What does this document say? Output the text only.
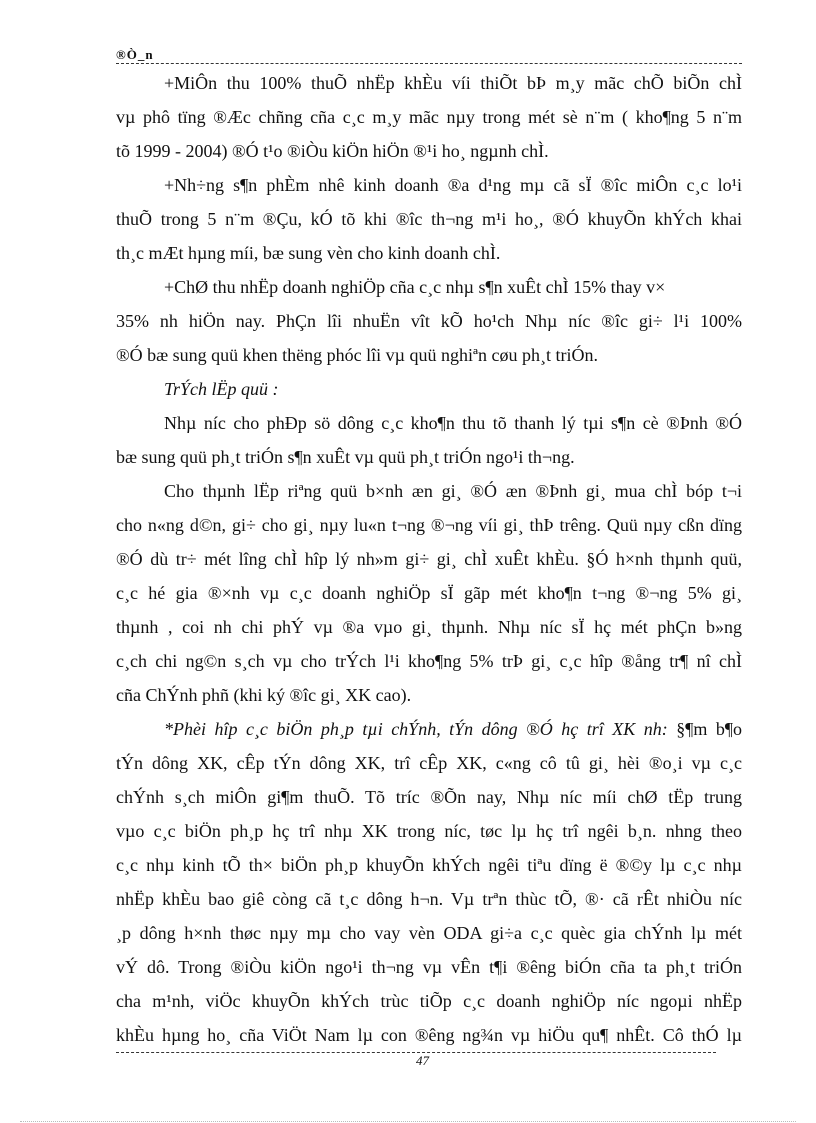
®Ò_n
+MiÔn thu 100% thuÕ nhËp khÈu víi thiÕt bÞ m¸y mãc chÕ biÕn chÌ
vµ phô tïng ®Æc chñng cña c¸c m¸y mãc nµy trong mét sè n¨m ( kho¶ng 5 n¨m
tõ 1999 - 2004) ®Ó t¹o ®iÒu kiÖn hiÖn ®¹i ho¸ ngµnh chÌ.
+Nh÷ng s¶n phÈm nhê kinh doanh ®a d¹ng mµ cã sÏ ®îc miÔn c¸c lo¹i
thuÕ trong 5 n¨m ®Çu, kÓ tõ khi ®îc th¬ng m¹i ho¸, ®Ó khuyÕn khÝch khai
th¸c mÆt hµng míi, bæ sung vèn cho kinh doanh chÌ.
+ChØ thu nhËp doanh nghiÖp cña c¸c nhµ s¶n xuÊt chÌ 15% thay v×
35% nh hiÖn nay. PhÇn lîi nhuËn vît kÕ ho¹ch Nhµ níc ®îc gi÷ l¹i 100%
®Ó bæ sung quü khen thëng phóc lîi vµ quü nghiªn cøu ph¸t triÓn.
TrÝch lËp quü :
Nhµ níc cho phÐp sö dông c¸c kho¶n thu tõ thanh lý tµi s¶n cè ®Þnh ®Ó
bæ sung quü ph¸t triÓn s¶n xuÊt vµ quü ph¸t triÓn ngo¹i th¬ng.
Cho thµnh lËp riªng quü b×nh æn gi¸ ®Ó æn ®Þnh gi¸ mua chÌ bóp t¬i
cho n«ng d©n, gi÷ cho gi¸ nµy lu«n t¬ng ®¬ng víi gi¸ thÞ trêng. Quü nµy cßn dïng
®Ó dù tr÷ mét lîng chÌ hîp lý nh»m gi÷ gi¸ chÌ xuÊt khÈu. §Ó h×nh thµnh quü,
c¸c hé gia ®×nh vµ c¸c doanh nghiÖp sÏ gãp mét kho¶n t¬ng ®¬ng 5% gi¸
thµnh , coi nh chi phÝ vµ ®a vµo gi¸ thµnh. Nhµ níc sÏ hç mét phÇn b»ng
c¸ch chi ng©n s¸ch vµ cho trÝch l¹i kho¶ng 5% trÞ gi¸ c¸c hîp ®ång tr¶ nî chÌ
cña ChÝnh phñ (khi ký ®îc gi¸ XK cao).
*Phèi hîp c¸c biÖn ph¸p tµi chÝnh, tÝn dông ®Ó hç trî XK nh: §¶m b¶o
tÝn dông XK, cÊp tÝn dông XK, trî cÊp XK, c«ng cô tû gi¸ hèi ®o¸i vµ c¸c
chÝnh s¸ch miÔn gi¶m thuÕ. Tõ tríc ®Õn nay, Nhµ níc míi chØ tËp trung
vµo c¸c biÖn ph¸p hç trî nhµ XK trong níc, tøc lµ hç trî ngêi b¸n. nhng theo
c¸c nhµ kinh tÕ th× biÖn ph¸p khuyÕn khÝch ngêi tiªu dïng ë ®©y lµ c¸c nhµ
nhËp khÈu bao giê còng cã t¸c dông h¬n. Vµ trªn thùc tÕ, ®· cã rÊt nhiÒu níc
¸p dông h×nh thøc nµy mµ cho vay vèn ODA gi÷a c¸c quèc gia chÝnh lµ mét
vÝ dô. Trong ®iÒu kiÖn ngo¹i th¬ng vµ vÊn t¶i ®êng biÓn cña ta ph¸t triÓn
cha m¹nh, viÖc khuyÕn khÝch trùc tiÕp c¸c doanh nghiÖp níc ngoµi nhËp
khÈu hµng ho¸ cña ViÖt Nam lµ con ®êng ng¾n vµ hiÖu qu¶ nhÊt. Cô thÓ lµ
47
